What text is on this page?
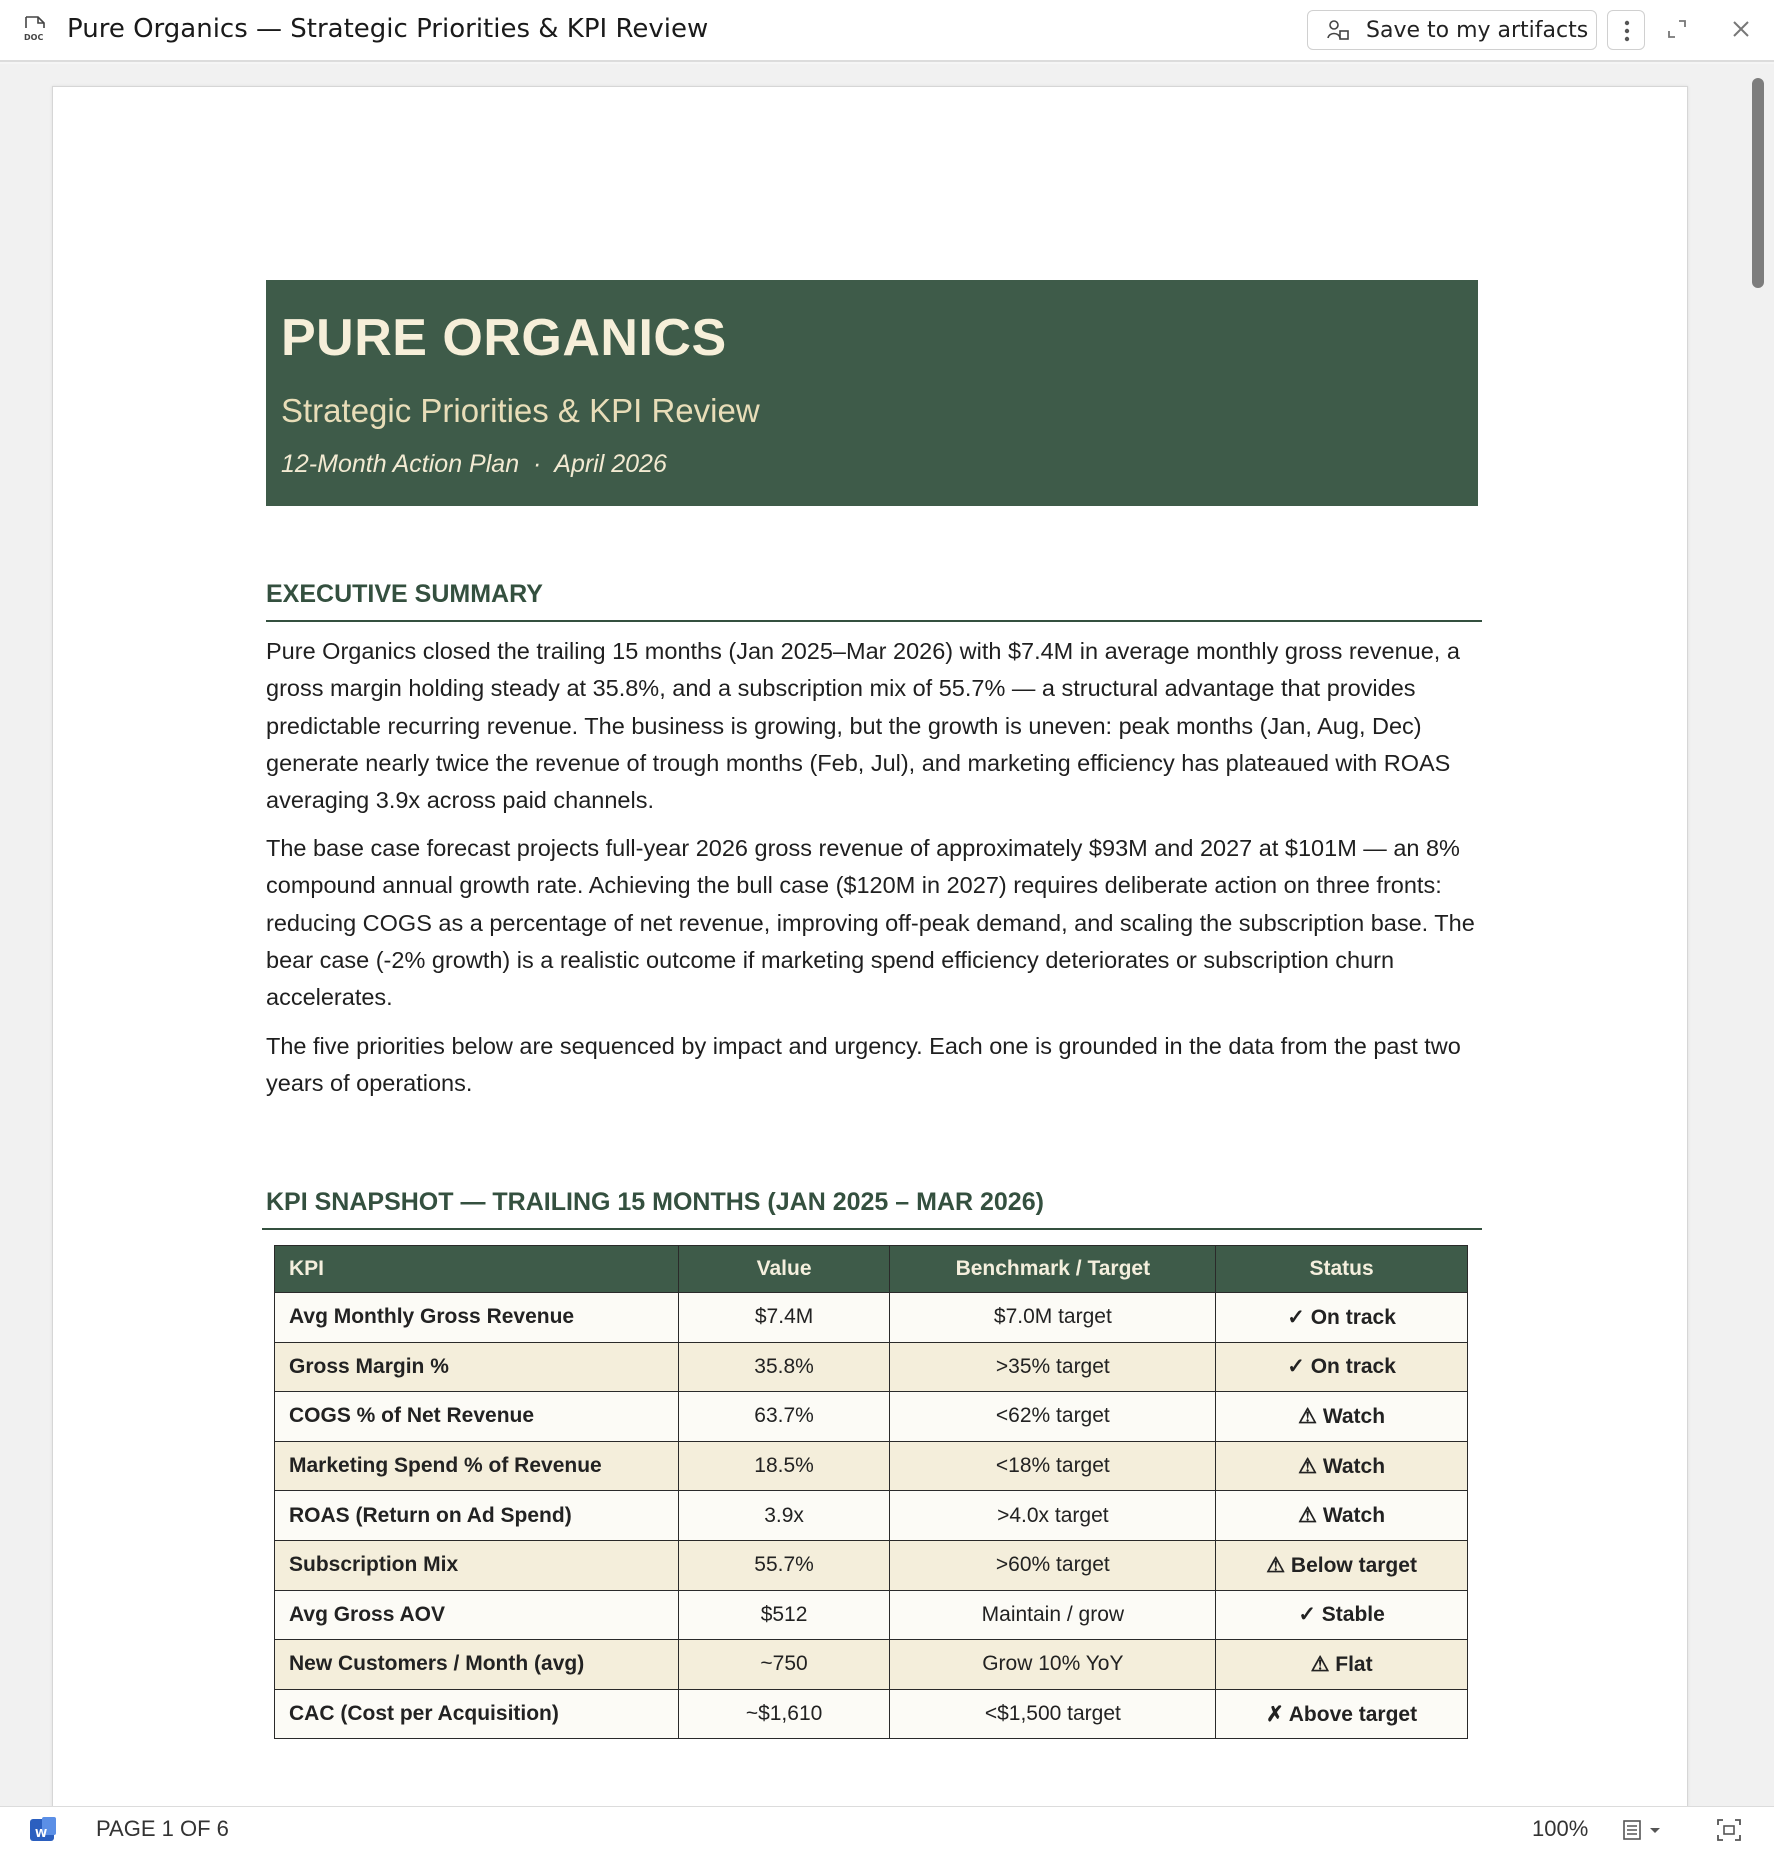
DOC Pure Organics — Strategic Priorities & KPI Review	Save to my artifacts
PURE ORGANICS
Strategic Priorities & KPI Review
12-Month Action Plan  ·  April 2026
EXECUTIVE SUMMARY
Pure Organics closed the trailing 15 months (Jan 2025–Mar 2026) with $7.4M in average monthly gross revenue, a gross margin holding steady at 35.8%, and a subscription mix of 55.7% — a structural advantage that provides predictable recurring revenue. The business is growing, but the growth is uneven: peak months (Jan, Aug, Dec) generate nearly twice the revenue of trough months (Feb, Jul), and marketing efficiency has plateaued with ROAS averaging 3.9x across paid channels.
The base case forecast projects full-year 2026 gross revenue of approximately $93M and 2027 at $101M — an 8% compound annual growth rate. Achieving the bull case ($120M in 2027) requires deliberate action on three fronts: reducing COGS as a percentage of net revenue, improving off-peak demand, and scaling the subscription base. The bear case (-2% growth) is a realistic outcome if marketing spend efficiency deteriorates or subscription churn accelerates.
The five priorities below are sequenced by impact and urgency. Each one is grounded in the data from the past two years of operations.
KPI SNAPSHOT — TRAILING 15 MONTHS (JAN 2025 – MAR 2026)
KPI	Value	Benchmark / Target	Status
Avg Monthly Gross Revenue	$7.4M	$7.0M target	✓ On track
Gross Margin %	35.8%	>35% target	✓ On track
COGS % of Net Revenue	63.7%	<62% target	⚠ Watch
Marketing Spend % of Revenue	18.5%	<18% target	⚠ Watch
ROAS (Return on Ad Spend)	3.9x	>4.0x target	⚠ Watch
Subscription Mix	55.7%	>60% target	⚠ Below target
Avg Gross AOV	$512	Maintain / grow	✓ Stable
New Customers / Month (avg)	~750	Grow 10% YoY	⚠ Flat
CAC (Cost per Acquisition)	~$1,610	<$1,500 target	✗ Above target
W PAGE 1 OF 6	100%
